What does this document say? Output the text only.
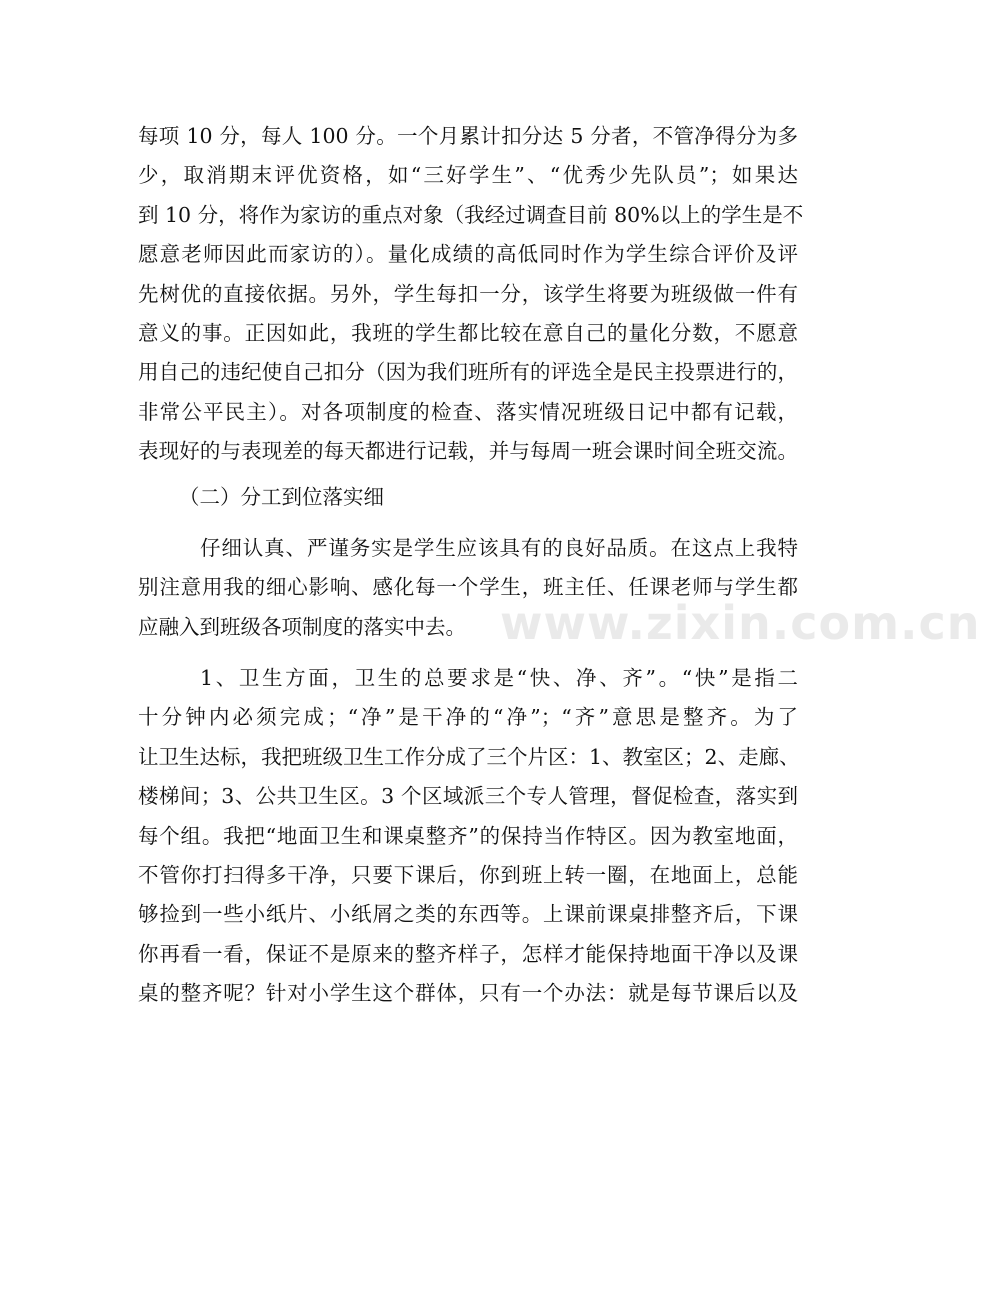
www.zixin.com.cn
每项 10 分，每人 100 分。一个月累计扣分达 5 分者，不管净得分为多
少，取消期末评优资格，如“三好学生”、“优秀少先队员”；如果达
到 10 分，将作为家访的重点对象（我经过调查目前 80%以上的学生是不
愿意老师因此而家访的）。量化成绩的高低同时作为学生综合评价及评
先树优的直接依据。另外，学生每扣一分，该学生将要为班级做一件有
意义的事。正因如此，我班的学生都比较在意自己的量化分数，不愿意
用自己的违纪使自己扣分（因为我们班所有的评选全是民主投票进行的，
非常公平民主）。对各项制度的检查、落实情况班级日记中都有记载，
表现好的与表现差的每天都进行记载，并与每周一班会课时间全班交流。
（二）分工到位落实细
仔细认真、严谨务实是学生应该具有的良好品质。在这点上我特
别注意用我的细心影响、感化每一个学生，班主任、任课老师与学生都
应融入到班级各项制度的落实中去。
1、卫生方面，卫生的总要求是“快、净、齐”。“快”是指二
十分钟内必须完成；“净”是干净的“净”；“齐”意思是整齐。为了
让卫生达标，我把班级卫生工作分成了三个片区：1、教室区；2、走廊、
楼梯间；3、公共卫生区。3 个区域派三个专人管理，督促检查，落实到
每个组。我把“地面卫生和课桌整齐”的保持当作特区。因为教室地面，
不管你打扫得多干净，只要下课后，你到班上转一圈，在地面上，总能
够捡到一些小纸片、小纸屑之类的东西等。上课前课桌排整齐后，下课
你再看一看，保证不是原来的整齐样子，怎样才能保持地面干净以及课
桌的整齐呢？针对小学生这个群体，只有一个办法：就是每节课后以及
